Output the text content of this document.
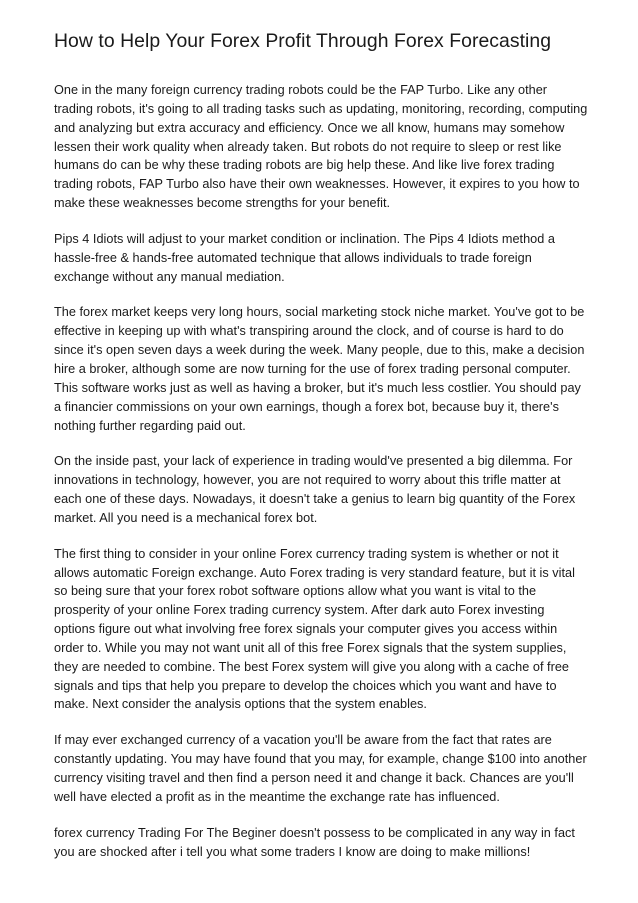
How to Help Your Forex Profit Through Forex Forecasting

One in the many foreign currency trading robots could be the FAP Turbo. Like any other trading robots, it's going to all trading tasks such as updating, monitoring, recording, computing and analyzing but extra accuracy and efficiency. Once we all know, humans may somehow lessen their work quality when already taken. But robots do not require to sleep or rest like humans do can be why these trading robots are big help these. And like live forex trading trading robots, FAP Turbo also have their own weaknesses. However, it expires to you how to make these weaknesses become strengths for your benefit.

Pips 4 Idiots will adjust to your market condition or inclination. The Pips 4 Idiots method a hassle-free & hands-free automated technique that allows individuals to trade foreign exchange without any manual mediation.

The forex market keeps very long hours, social marketing stock niche market. You've got to be effective in keeping up with what's transpiring around the clock, and of course is hard to do since it's open seven days a week during the week. Many people, due to this, make a decision hire a broker, although some are now turning for the use of forex trading personal computer. This software works just as well as having a broker, but it's much less costlier. You should pay a financier commissions on your own earnings, though a forex bot, because buy it, there's nothing further regarding paid out.

On the inside past, your lack of experience in trading would've presented a big dilemma. For innovations in technology, however, you are not required to worry about this trifle matter at each one of these days. Nowadays, it doesn't take a genius to learn big quantity of the Forex market. All you need is a mechanical forex bot.

The first thing to consider in your online Forex currency trading system is whether or not it allows automatic Foreign exchange. Auto Forex trading is very standard feature, but it is vital so being sure that your forex robot software options allow what you want is vital to the prosperity of your online Forex trading currency system. After dark auto Forex investing options figure out what involving free forex signals your computer gives you access within order to. While you may not want unit all of this free Forex signals that the system supplies, they are needed to combine. The best Forex system will give you along with a cache of free signals and tips that help you prepare to develop the choices which you want and have to make. Next consider the analysis options that the system enables.

If may ever exchanged currency of a vacation you'll be aware from the fact that rates are constantly updating. You may have found that you may, for example, change $100 into another currency visiting travel and then find a person need it and change it back. Chances are you'll well have elected a profit as in the meantime the exchange rate has influenced.

forex currency Trading For The Beginer doesn't possess to be complicated in any way in fact you are shocked after i tell you what some traders I know are doing to make millions!
